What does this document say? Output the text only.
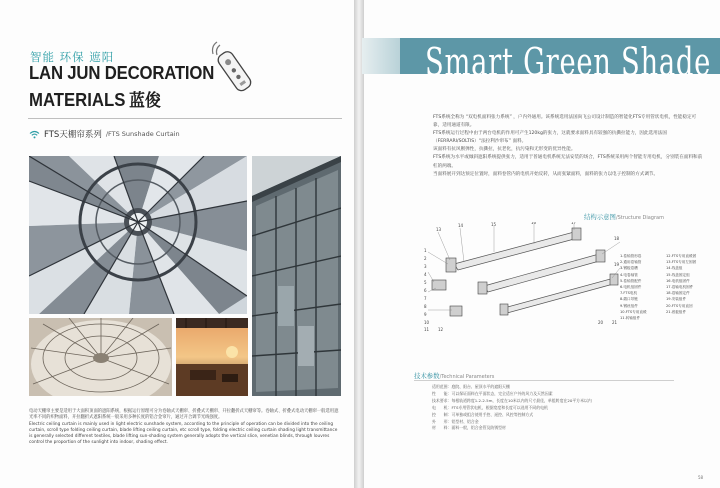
智能 环保 遮阳
LAN JUN DECORATION
MATERIALS 蓝俊
FTS天棚帘系列 /FTS Sunshade Curtain
电动天棚帘主要是适用于大面积顶面的遮阳系统，根据运行原理可分为卷轴式天棚帘、折叠式天棚帘、开拉翻折式天棚帘等。卷轴式、折叠式电动天棚帘一般选用遮光率不同的织物面料，开拉翻折式遮阳系统一般采用多种长度的铝合金帘片，通过开合调节光线强度。
Electric ceiling curtain is mainly used in light electric sunshade system, according to the principle of operation can be divided into the ceiling curtain, scroll type folding ceiling curtain, blade lifting ceiling curtain, etc scroll type, folding electric ceiling curtain shading light transmittance is generally selected different textiles, blade lifting sun-shading system generally adopts the vertical slice, venetian blinds, through louvres control the proportion of the sunlight into indoor, shading effect.
Smart Green Shade
FTS系统全称为 “双电机面料张力系统” ，户内外通用。该系统选用法国尚飞公司设计制造的智能化FTS专用管状电机，性能稳定可靠，适用通道有限。
FTS系统运行过程中由于两台电机的作用可产生120kg的张力，这就要求面料具有较强的抗撕拉能力，因此选用法国（FERRARI/SOLTIS）“法拉利沙帘布” 面料。
该面料有抗风断弹性，抗撕拉，抗老化，抗污染和无形变的优异性能。
FTS系统为水平或倾斜遮阳系统提供张力，适用于普通电机系统无法安装的场合，FTS系统采用两个智能专用电机，分别装在面料和前杠的两端。
当面料展开到达预定位置时，面料卷管内的电机开始反转，从而张紧面料，面料的张力以电子控制的方式调节。
结构示意图/Structure Diagram
13
14	15	16	17
18
19
20 21
1
2
3
4
5
6
7
8
9
10
11 12
1.卷轴管形卷	12.FTS专用直缓固
2.通用卷轴管	13.FTS专用左固固
3.钢板卷槽	14.线盖组
4.电卷轴管	15.线盖固定组
5.卷轴管配件	16.电机组固件
6.电机组固件	17.卷轴电机固件
7.FTS电机	18.卷轴固定件
8.端口导链	19.安装组件
9.钢丝组件	20.FTS专用直回
10.FTS专用直缓	21.底板组件
11.转轴组件
技术参数/Technical Parameters
适用范围：庭院、阳台、屋顶水平的遮阳天棚
性　　能：可以保证面料在平面状态，完全适应户外的风力及天然因素
技术要求：每根轨道跨度1.2-2.5m，长度在10米以内的尺寸最佳，单组跨度在20平方米以内
电　　机：FTS专用管状电机，根据宽度和长度可以选用不同的电机
控　　制：可单独或组合使用手控、遥控、风控等控制方式
外　　形：铝型材、铝合金
材　　料：面料一般，铝合金管及防锈型材
58
